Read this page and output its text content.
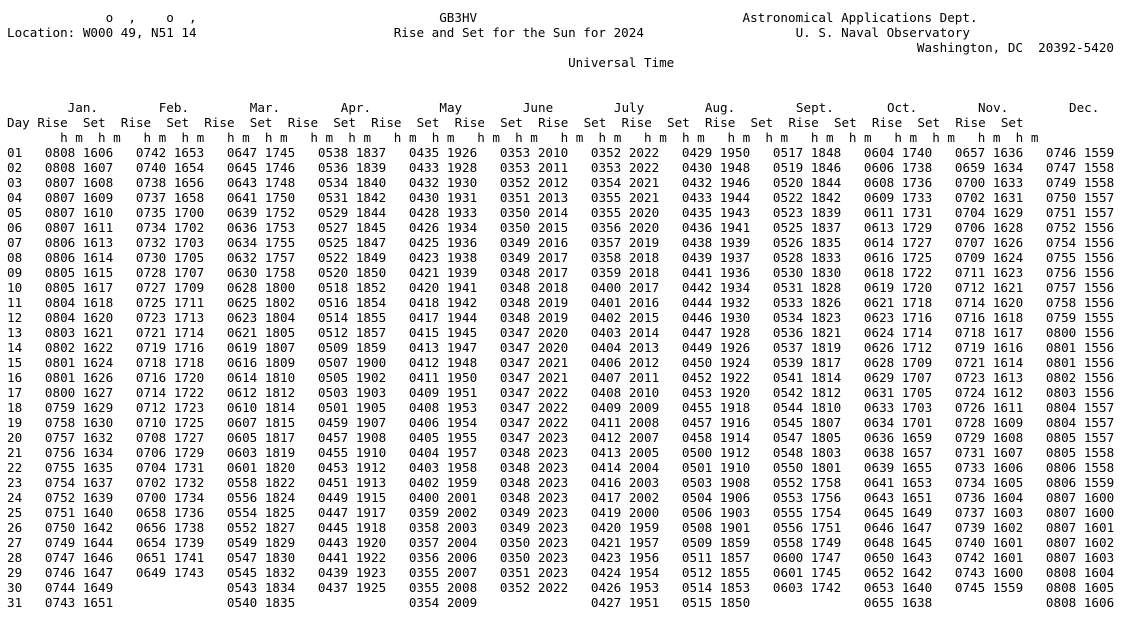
o  ,    o  ,	GB3HV	Astronomical Applications Dept.
Location: W000 49, N51 14	Rise and Set for the Sun for 2024	U. S. Naval Observatory
Washington, DC  20392-5420
Universal Time
Jan.	Feb.	Mar.	Apr.	May	June	July	Aug.	Sept.	Oct.	Nov.	Dec.
Day Rise Set Rise Set Rise Set Rise Set Rise Set Rise Set Rise Set Rise Set Rise Set Rise Set Rise Set Rise Set
h m h m h m h m h m h m h m h m h m h m h m h m h m h m h m h m h m h m h m h m h m h m h m h m
01 0808 1606 0742 1653 0647 1745 0538 1837 0435 1926 0353 2010 0352 2022 0429 1950 0517 1848 0604 1740 0657 1636 0746 1559
02 0808 1607 0740 1654 0645 1746 0536 1839 0433 1928 0353 2011 0353 2022 0430 1948 0519 1846 0606 1738 0659 1634 0747 1558
03 0807 1608 0738 1656 0643 1748 0534 1840 0432 1930 0352 2012 0354 2021 0432 1946 0520 1844 0608 1736 0700 1633 0749 1558
04 0807 1609 0737 1658 0641 1750 0531 1842 0430 1931 0351 2013 0355 2021 0433 1944 0522 1842 0609 1733 0702 1631 0750 1557
05 0807 1610 0735 1700 0639 1752 0529 1844 0428 1933 0350 2014 0355 2020 0435 1943 0523 1839 0611 1731 0704 1629 0751 1557
06 0807 1611 0734 1702 0636 1753 0527 1845 0426 1934 0350 2015 0356 2020 0436 1941 0525 1837 0613 1729 0706 1628 0752 1556
07 0806 1613 0732 1703 0634 1755 0525 1847 0425 1936 0349 2016 0357 2019 0438 1939 0526 1835 0614 1727 0707 1626 0754 1556
08 0806 1614 0730 1705 0632 1757 0522 1849 0423 1938 0349 2017 0358 2018 0439 1937 0528 1833 0616 1725 0709 1624 0755 1556
09 0805 1615 0728 1707 0630 1758 0520 1850 0421 1939 0348 2017 0359 2018 0441 1936 0530 1830 0618 1722 0711 1623 0756 1556
10 0805 1617 0727 1709 0628 1800 0518 1852 0420 1941 0348 2018 0400 2017 0442 1934 0531 1828 0619 1720 0712 1621 0757 1556
11 0804 1618 0725 1711 0625 1802 0516 1854 0418 1942 0348 2019 0401 2016 0444 1932 0533 1826 0621 1718 0714 1620 0758 1556
12 0804 1620 0723 1713 0623 1804 0514 1855 0417 1944 0348 2019 0402 2015 0446 1930 0534 1823 0623 1716 0716 1618 0759 1555
13 0803 1621 0721 1714 0621 1805 0512 1857 0415 1945 0347 2020 0403 2014 0447 1928 0536 1821 0624 1714 0718 1617 0800 1556
14 0802 1622 0719 1716 0619 1807 0509 1859 0413 1947 0347 2020 0404 2013 0449 1926 0537 1819 0626 1712 0719 1616 0801 1556
15 0801 1624 0718 1718 0616 1809 0507 1900 0412 1948 0347 2021 0406 2012 0450 1924 0539 1817 0628 1709 0721 1614 0801 1556
16 0801 1626 0716 1720 0614 1810 0505 1902 0411 1950 0347 2021 0407 2011 0452 1922 0541 1814 0629 1707 0723 1613 0802 1556
17 0800 1627 0714 1722 0612 1812 0503 1903 0409 1951 0347 2022 0408 2010 0453 1920 0542 1812 0631 1705 0724 1612 0803 1556
18 0759 1629 0712 1723 0610 1814 0501 1905 0408 1953 0347 2022 0409 2009 0455 1918 0544 1810 0633 1703 0726 1611 0804 1557
19 0758 1630 0710 1725 0607 1815 0459 1907 0406 1954 0347 2022 0411 2008 0457 1916 0545 1807 0634 1701 0728 1609 0804 1557
20 0757 1632 0708 1727 0605 1817 0457 1908 0405 1955 0347 2023 0412 2007 0458 1914 0547 1805 0636 1659 0729 1608 0805 1557
21 0756 1634 0706 1729 0603 1819 0455 1910 0404 1957 0348 2023 0413 2005 0500 1912 0548 1803 0638 1657 0731 1607 0805 1558
22 0755 1635 0704 1731 0601 1820 0453 1912 0403 1958 0348 2023 0414 2004 0501 1910 0550 1801 0639 1655 0733 1606 0806 1558
23 0754 1637 0702 1732 0558 1822 0451 1913 0402 1959 0348 2023 0416 2003 0503 1908 0552 1758 0641 1653 0734 1605 0806 1559
24 0752 1639 0700 1734 0556 1824 0449 1915 0400 2001 0348 2023 0417 2002 0504 1906 0553 1756 0643 1651 0736 1604 0807 1600
25 0751 1640 0658 1736 0554 1825 0447 1917 0359 2002 0349 2023 0419 2000 0506 1903 0555 1754 0645 1649 0737 1603 0807 1600
26 0750 1642 0656 1738 0552 1827 0445 1918 0358 2003 0349 2023 0420 1959 0508 1901 0556 1751 0646 1647 0739 1602 0807 1601
27 0749 1644 0654 1739 0549 1829 0443 1920 0357 2004 0350 2023 0421 1957 0509 1859 0558 1749 0648 1645 0740 1601 0807 1602
28 0747 1646 0651 1741 0547 1830 0441 1922 0356 2006 0350 2023 0423 1956 0511 1857 0600 1747 0650 1643 0742 1601 0807 1603
29 0746 1647 0649 1743 0545 1832 0439 1923 0355 2007 0351 2023 0424 1954 0512 1855 0601 1745 0652 1642 0743 1600 0808 1604
30 0744 1649	0543 1834 0437 1925 0355 2008 0352 2022 0426 1953 0514 1853 0603 1742 0653 1640 0745 1559 0808 1605
31 0743 1651	0540 1835	0354 2009	0427 1951 0515 1850	0655 1638	0808 1606
